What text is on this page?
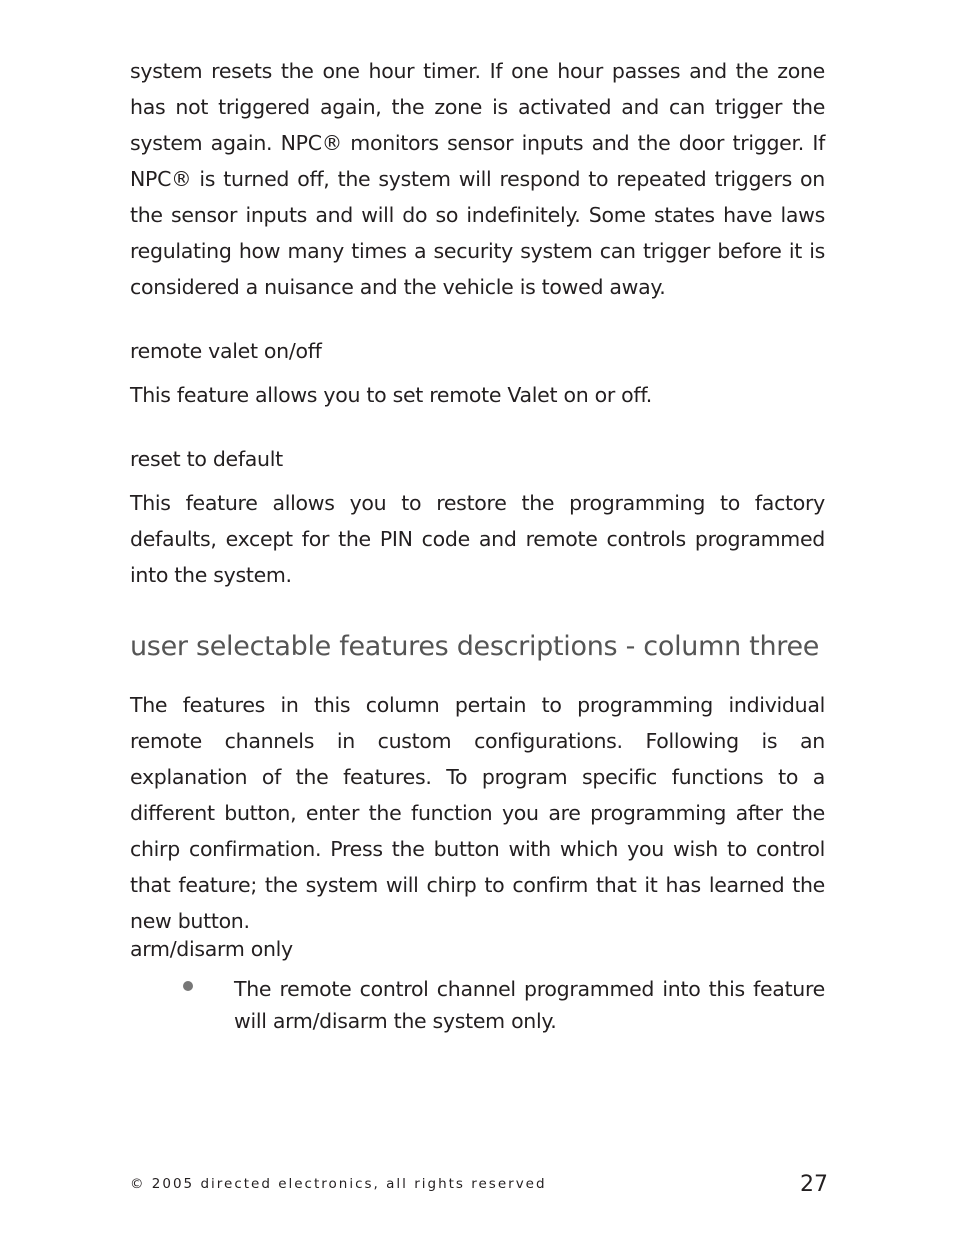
system resets the one hour timer. If one hour passes and the zone has not triggered again, the zone is activated and can trigger the system again. NPC® monitors sensor inputs and the door trigger. If NPC® is turned off, the system will respond to repeated triggers on the sensor inputs and will do so indefinitely. Some states have laws regulating how many times a security system can trigger before it is considered a nuisance and the vehicle is towed away.

remote valet on/off

This feature allows you to set remote Valet on or off.

reset to default

This feature allows you to restore the programming to factory defaults, except for the PIN code and remote controls programmed into the system.

user selectable features descriptions - column three

The features in this column pertain to programming individual remote channels in custom configurations. Following is an explanation of the features. To program specific functions to a different button, enter the function you are programming after the chirp confirmation. Press the button with which you wish to control that feature; the system will chirp to confirm that it has learned the new button.

arm/disarm only

The remote control channel programmed into this feature will arm/disarm the system only.

© 2005 directed electronics, all rights reserved	27
